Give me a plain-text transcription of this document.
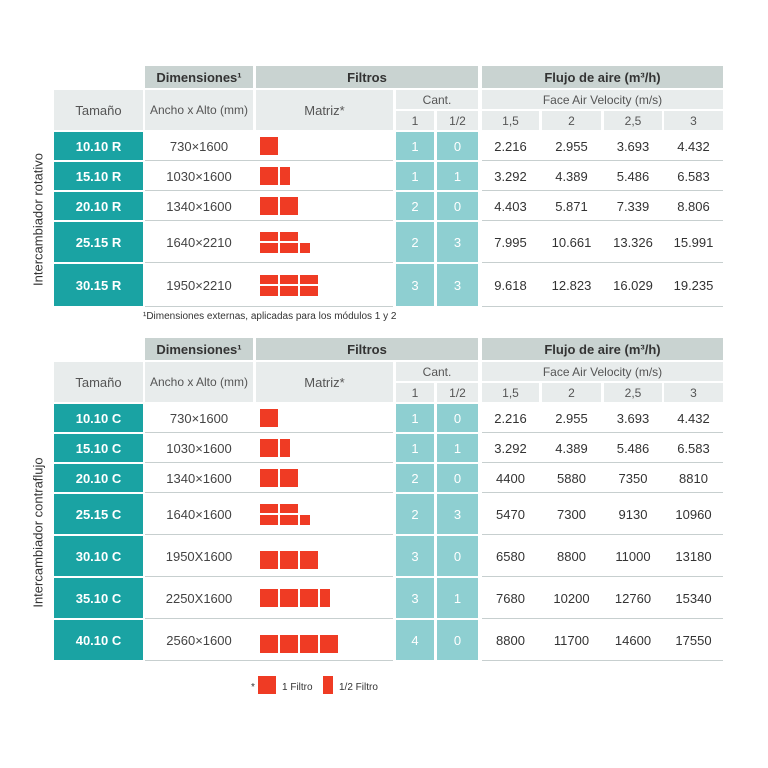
Dimensiones¹	Filtros	Flujo de aire (m³/h)
Tamaño	Ancho x Alto (mm)	Matriz*
Cant.
1	1/2
Face Air Velocity (m/s)
1,5	2	2,5	3
10.10 R	730×1600	1	0	2.216	2.955	3.693	4.432
15.10 R	1030×1600	1	1	3.292	4.389	5.486	6.583
20.10 R	1340×1600	2	0	4.403	5.871	7.339	8.806
25.15 R	1640×2210	2	3	7.995	10.661	13.326	15.991
30.15 R	1950×2210	3	3	9.618	12.823	16.029	19.235
Intercambiador rotativo
¹Dimensiones externas, aplicadas para los módulos 1 y 2
Dimensiones¹	Filtros	Flujo de aire (m³/h)
Tamaño	Ancho x Alto (mm)	Matriz*
Cant.
1	1/2
Face Air Velocity (m/s)
1,5	2	2,5	3
10.10 C	730×1600	1	0	2.216	2.955	3.693	4.432
15.10 C	1030×1600	1	1	3.292	4.389	5.486	6.583
20.10 C	1340×1600	2	0	4400	5880	7350	8810
25.15 C	1640×1600	2	3	5470	7300	9130	10960
30.10 C	1950X1600	3	0	6580	8800	11000	13180
35.10 C	2250X1600	3	1	7680	10200	12760	15340
40.10 C	2560×1600	4	0	8800	11700	14600	17550
Intercambiador contraflujo
*	1 Filtro	1/2 Filtro
